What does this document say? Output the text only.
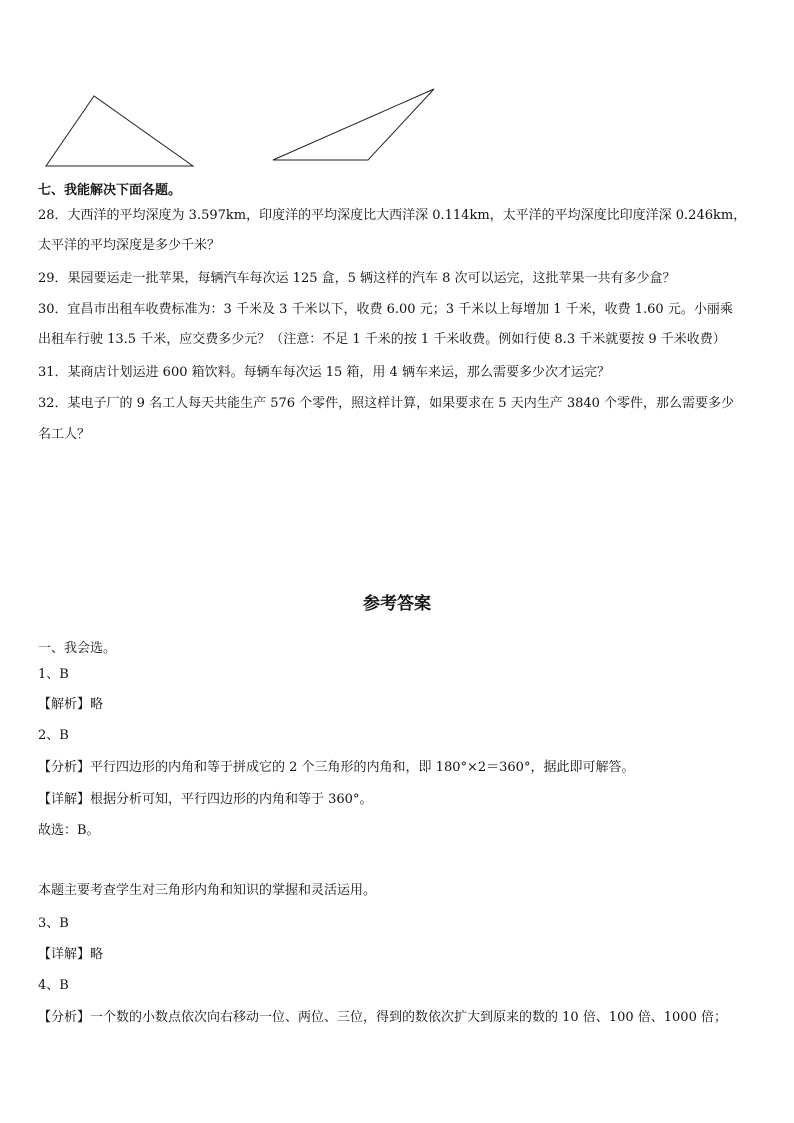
七、我能解决下面各题。
28．大西洋的平均深度为 3.597km，印度洋的平均深度比大西洋深 0.114km，太平洋的平均深度比印度洋深 0.246km，
太平洋的平均深度是多少千米？
29．果园要运走一批苹果，每辆汽车每次运 125 盒，5 辆这样的汽车 8 次可以运完，这批苹果一共有多少盒？
30．宜昌市出租车收费标准为：3 千米及 3 千米以下，收费 6.00 元；3 千米以上每增加 1 千米，收费 1.60 元。小丽乘
出租车行驶 13.5 千米，应交费多少元？（注意：不足 1 千米的按 1 千米收费。例如行使 8.3 千米就要按 9 千米收费）
31．某商店计划运进 600 箱饮料。每辆车每次运 15 箱，用 4 辆车来运，那么需要多少次才运完？
32．某电子厂的 9 名工人每天共能生产 576 个零件，照这样计算，如果要求在 5 天内生产 3840 个零件，那么需要多少
名工人？
参考答案
一、我会选。
1、B
【解析】略
2、B
【分析】平行四边形的内角和等于拼成它的 2 个三角形的内角和，即 180°×2＝360°，据此即可解答。
【详解】根据分析可知，平行四边形的内角和等于 360°。
故选：B。
本题主要考查学生对三角形内角和知识的掌握和灵活运用。
3、B
【详解】略
4、B
【分析】一个数的小数点依次向右移动一位、两位、三位，得到的数依次扩大到原来的数的 10 倍、100 倍、1000 倍；
